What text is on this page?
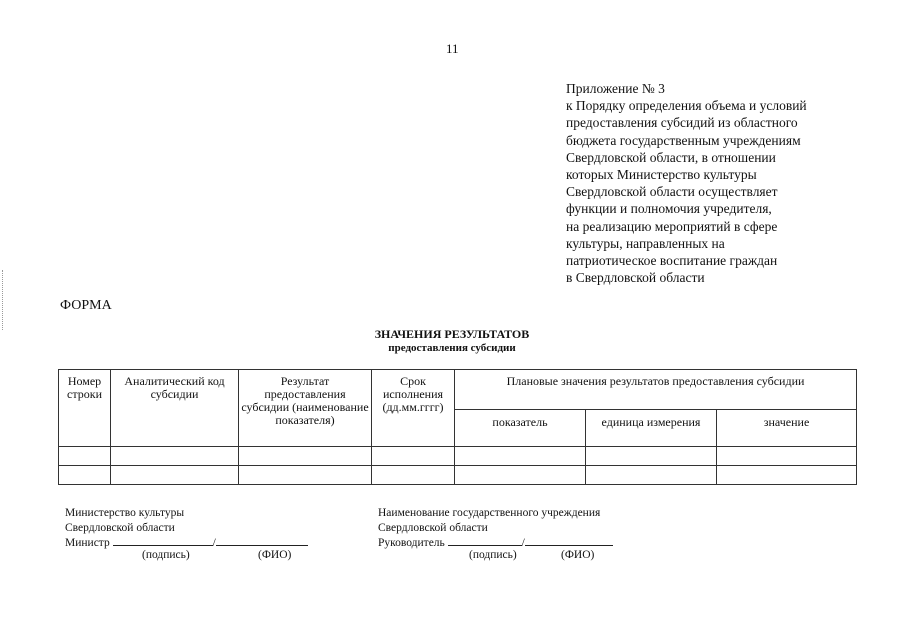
11
Приложение № 3
к Порядку определения объема и условий
предоставления субсидий из областного
бюджета государственным учреждениям
Свердловской области, в отношении
которых Министерство культуры
Свердловской области осуществляет
функции и полномочия учредителя,
на реализацию мероприятий в сфере
культуры, направленных на
патриотическое воспитание граждан
в Свердловской области
ФОРМА
ЗНАЧЕНИЯ РЕЗУЛЬТАТОВ
предоставления субсидии
Номер строки	Аналитический код субсидии	Результат предоставления субсидии (наименование показателя)	Срок исполнения (дд.мм.гггг)	Плановые значения результатов предоставления субсидии		
				показатель	единица измерения	значение

Министерство культуры
Свердловской области
Министр	/
(подпись)	(ФИО)
Наименование государственного учреждения
Свердловской области
Руководитель	/
(подпись)	(ФИО)
